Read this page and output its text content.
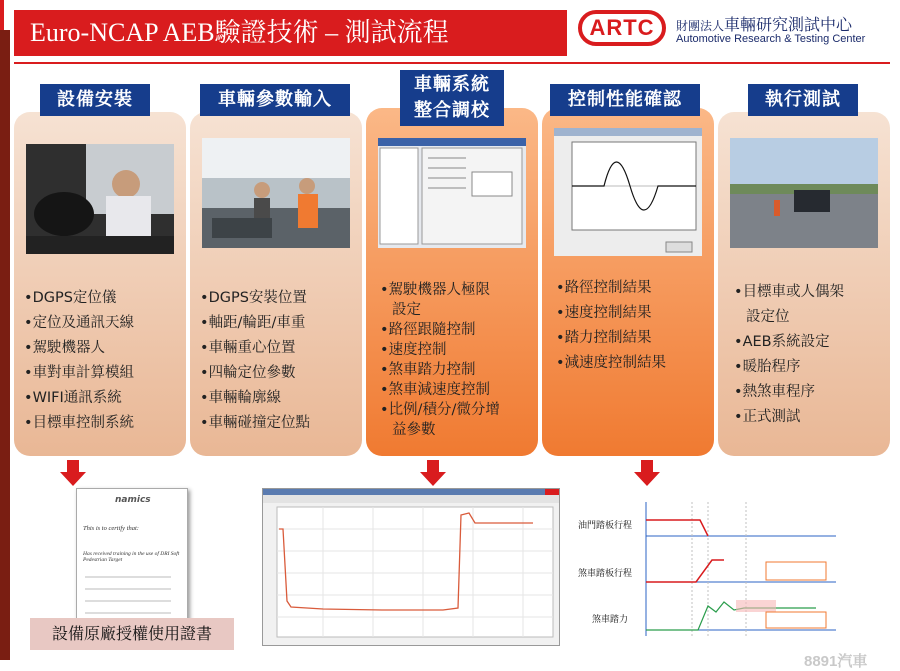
Euro-NCAP AEB驗證技術 – 測試流程	ARTC	財團法人車輛研究測試中心
Automotive Research & Testing Center
•DGPS定位儀
•定位及通訊天線
•駕駛機器人
•車對車計算模組
•WIFI通訊系統
•目標車控制系統
設備安裝
•DGPS安裝位置
•軸距/輪距/車重
•車輛重心位置
•四輪定位參數
•車輛輪廓線
•車輛碰撞定位點
車輛參數輸入
•駕駛機器人極限
設定
•路徑跟隨控制
•速度控制
•煞車踏力控制
•煞車減速度控制
•比例/積分/微分增
益參數
車輛系統
整合調校
•路徑控制結果
•速度控制結果
•踏力控制結果
•減速度控制結果
控制性能確認
•目標車或人偶架
設定位
•AEB系統設定
•暖胎程序
•熱煞車程序
•正式測試
執行測試
namics
This is to certify that:
Has received training in the use of DRI Soft Pedestrian Target
設備原廠授權使用證書
油門踏板行程
煞車踏板行程
煞車踏力
8891汽車
